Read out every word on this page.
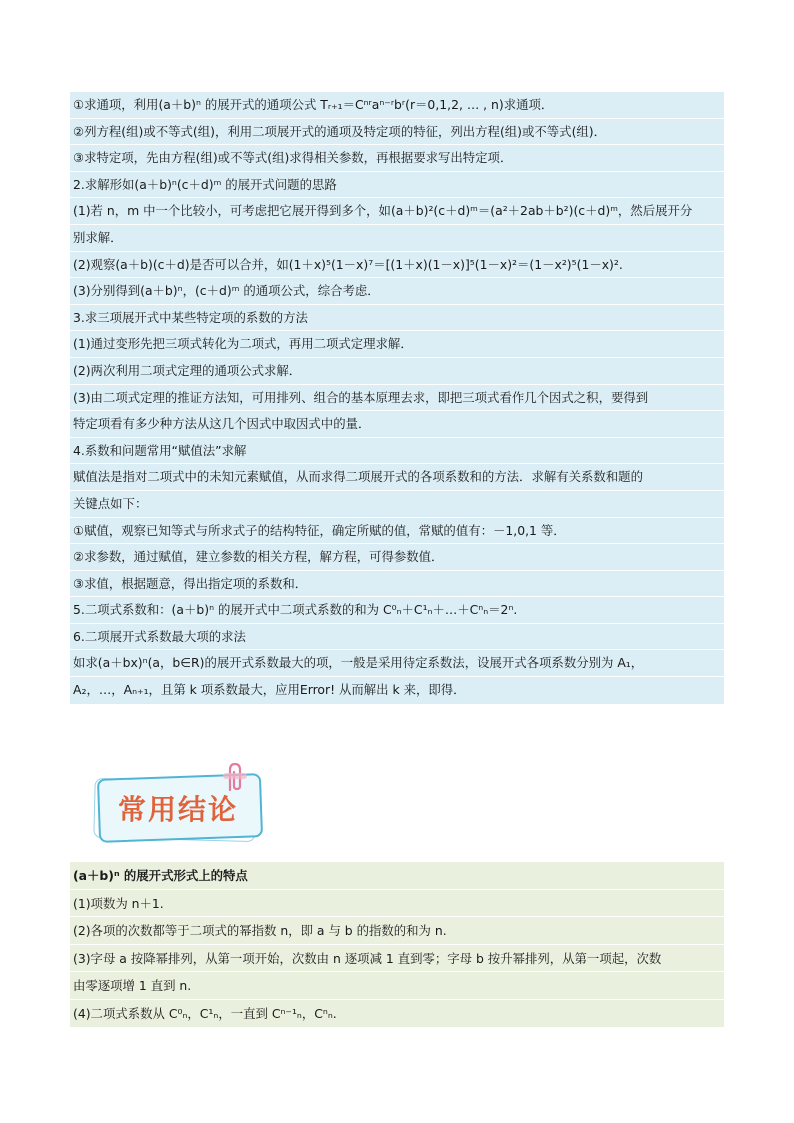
①求通项，利用(a＋b)ⁿ 的展开式的通项公式 Tᵣ₊₁＝Cⁿʳaⁿ⁻ʳbʳ(r＝0,1,2, … , n)求通项．
②列方程(组)或不等式(组)，利用二项展开式的通项及特定项的特征，列出方程(组)或不等式(组)．
③求特定项，先由方程(组)或不等式(组)求得相关参数，再根据要求写出特定项．
2.求解形如(a＋b)ⁿ(c＋d)ᵐ 的展开式问题的思路
(1)若 n，m 中一个比较小，可考虑把它展开得到多个，如(a＋b)²(c＋d)ᵐ＝(a²＋2ab＋b²)(c＋d)ᵐ，然后展开分
别求解．
(2)观察(a＋b)(c＋d)是否可以合并，如(1＋x)⁵(1－x)⁷＝[(1＋x)(1－x)]⁵(1－x)²＝(1－x²)⁵(1－x)².
(3)分别得到(a＋b)ⁿ，(c＋d)ᵐ 的通项公式，综合考虑．
3.求三项展开式中某些特定项的系数的方法
(1)通过变形先把三项式转化为二项式，再用二项式定理求解．
(2)两次利用二项式定理的通项公式求解．
(3)由二项式定理的推证方法知，可用排列、组合的基本原理去求，即把三项式看作几个因式之积，要得到
特定项看有多少种方法从这几个因式中取因式中的量．
4.系数和问题常用“赋值法”求解
赋值法是指对二项式中的未知元素赋值，从而求得二项展开式的各项系数和的方法．求解有关系数和题的
关键点如下：
①赋值，观察已知等式与所求式子的结构特征，确定所赋的值，常赋的值有：－1,0,1 等．
②求参数，通过赋值，建立参数的相关方程，解方程，可得参数值．
③求值，根据题意，得出指定项的系数和．
5.二项式系数和：(a＋b)ⁿ 的展开式中二项式系数的和为 C⁰ₙ＋C¹ₙ＋…＋Cⁿₙ＝2ⁿ.
6.二项展开式系数最大项的求法
如求(a＋bx)ⁿ(a，b∈R)的展开式系数最大的项，一般是采用待定系数法，设展开式各项系数分别为 A₁，
A₂，…，Aₙ₊₁，且第 k 项系数最大，应用Error! 从而解出 k 来，即得．
常用结论
(a＋b)ⁿ 的展开式形式上的特点
(1)项数为 n＋1.
(2)各项的次数都等于二项式的幂指数 n，即 a 与 b 的指数的和为 n.
(3)字母 a 按降幂排列，从第一项开始，次数由 n 逐项减 1 直到零；字母 b 按升幂排列，从第一项起，次数
由零逐项增 1 直到 n.
(4)二项式系数从 C⁰ₙ，C¹ₙ，一直到 Cⁿ⁻¹ₙ，Cⁿₙ.
